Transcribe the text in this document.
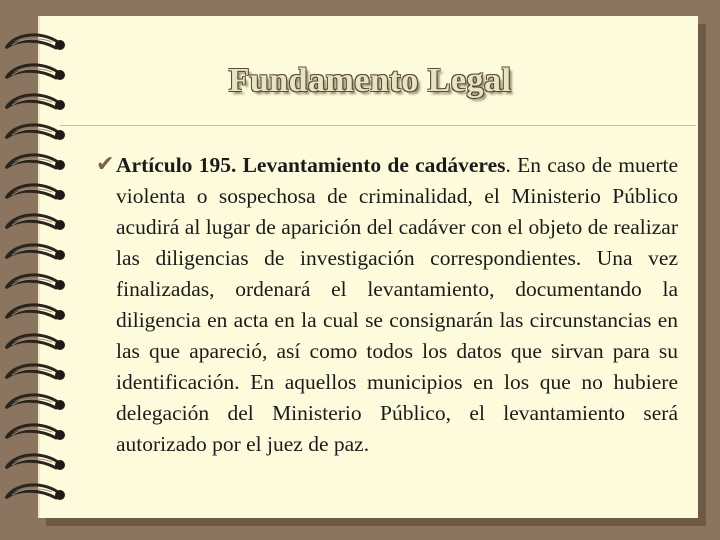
Fundamento Legal
✔ Artículo 195. Levantamiento de cadáveres. En caso de muerte violenta o sospechosa de criminalidad, el Ministerio Público acudirá al lugar de aparición del cadáver con el objeto de realizar las diligencias de investigación correspondientes. Una vez finalizadas, ordenará el levantamiento, documentando la diligencia en acta en la cual se consignarán las circunstancias en las que apareció, así como todos los datos que sirvan para su identificación. En aquellos municipios en los que no hubiere delegación del Ministerio Público, el levantamiento será autorizado por el juez de paz.
